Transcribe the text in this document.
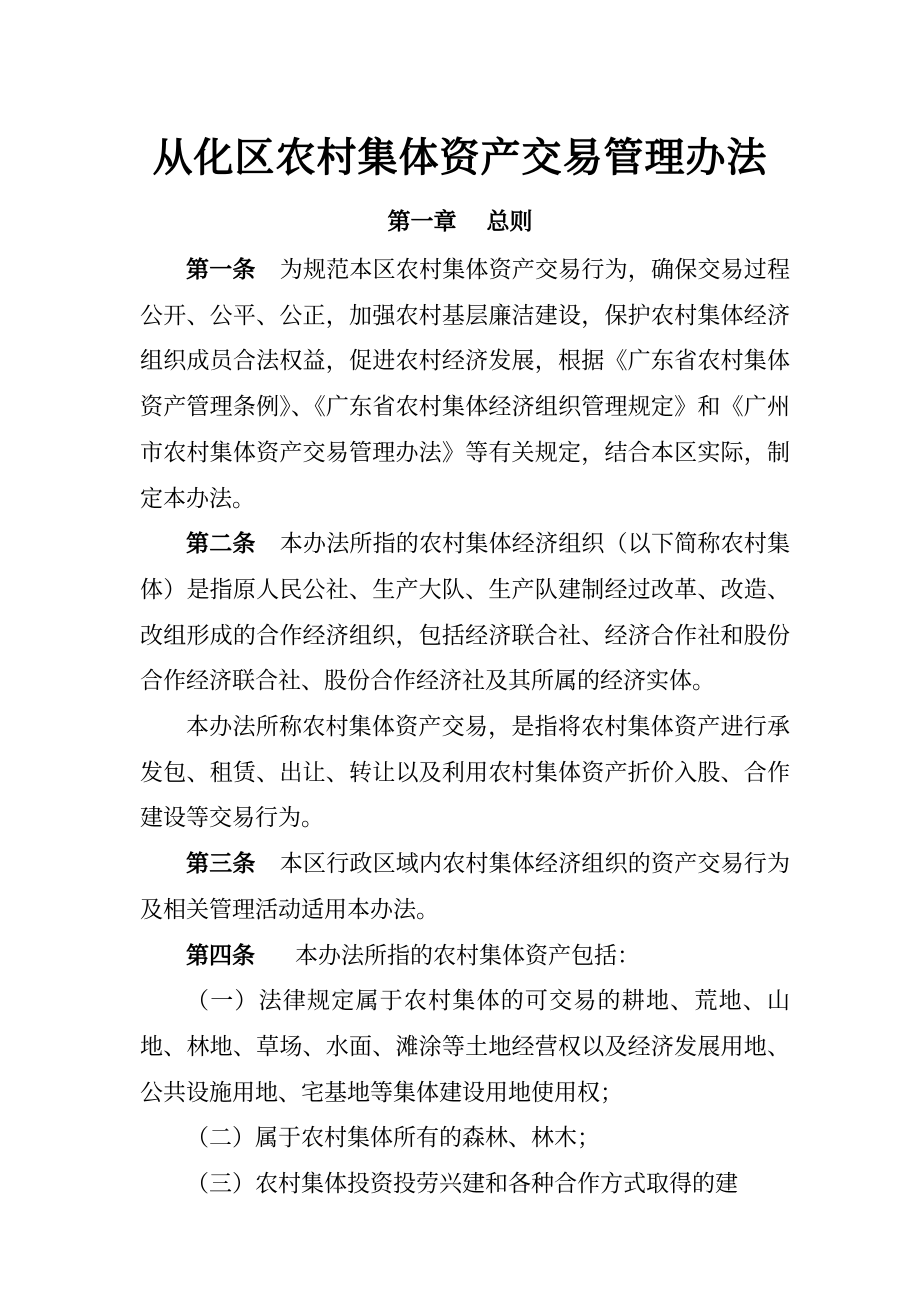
从化区农村集体资产交易管理办法
第一章 总则

第一条 为规范本区农村集体资产交易行为，确保交易过程公开、公平、公正，加强农村基层廉洁建设，保护农村集体经济组织成员合法权益，促进农村经济发展，根据《广东省农村集体资产管理条例》、《广东省农村集体经济组织管理规定》和《广州市农村集体资产交易管理办法》等有关规定，结合本区实际，制定本办法。

第二条 本办法所指的农村集体经济组织（以下简称农村集体）是指原人民公社、生产大队、生产队建制经过改革、改造、改组形成的合作经济组织，包括经济联合社、经济合作社和股份合作经济联合社、股份合作经济社及其所属的经济实体。

本办法所称农村集体资产交易，是指将农村集体资产进行承发包、租赁、出让、转让以及利用农村集体资产折价入股、合作建设等交易行为。

第三条 本区行政区域内农村集体经济组织的资产交易行为及相关管理活动适用本办法。

第四条 本办法所指的农村集体资产包括：

（一）法律规定属于农村集体的可交易的耕地、荒地、山地、林地、草场、水面、滩涂等土地经营权以及经济发展用地、公共设施用地、宅基地等集体建设用地使用权；

（二）属于农村集体所有的森林、林木；

（三）农村集体投资投劳兴建和各种合作方式取得的建
